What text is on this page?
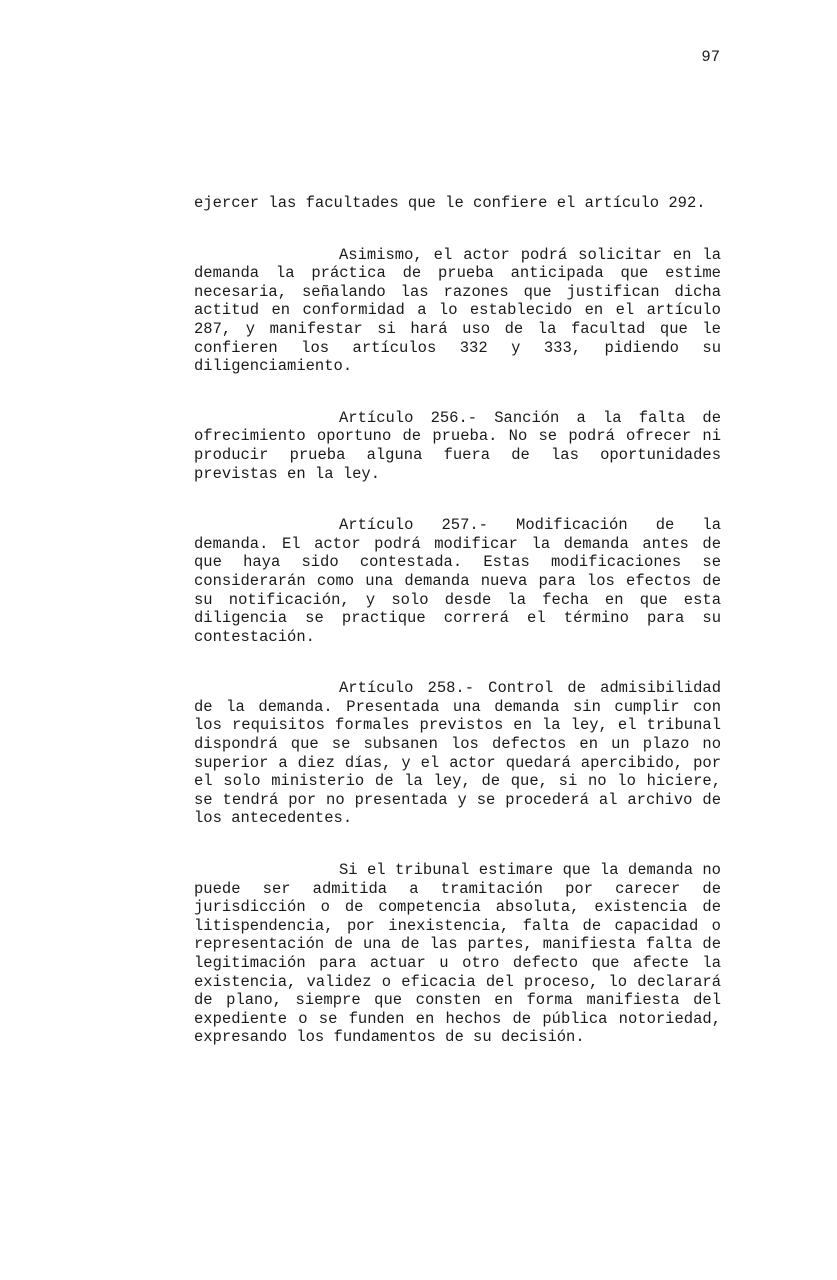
97

ejercer las facultades que le confiere el artículo 292.

Asimismo, el actor podrá solicitar en la demanda la práctica de prueba anticipada que estime necesaria, señalando las razones que justifican dicha actitud en conformidad a lo establecido en el artículo 287, y manifestar si hará uso de la facultad que le confieren los artículos 332 y 333, pidiendo su diligenciamiento.

Artículo 256.- Sanción a la falta de ofrecimiento oportuno de prueba. No se podrá ofrecer ni producir prueba alguna fuera de las oportunidades previstas en la ley.

Artículo 257.- Modificación de la demanda. El actor podrá modificar la demanda antes de que haya sido contestada. Estas modificaciones se considerarán como una demanda nueva para los efectos de su notificación, y solo desde la fecha en que esta diligencia se practique correrá el término para su contestación.

Artículo 258.- Control de admisibilidad de la demanda. Presentada una demanda sin cumplir con los requisitos formales previstos en la ley, el tribunal dispondrá que se subsanen los defectos en un plazo no superior a diez días, y el actor quedará apercibido, por el solo ministerio de la ley, de que, si no lo hiciere, se tendrá por no presentada y se procederá al archivo de los antecedentes.

Si el tribunal estimare que la demanda no puede ser admitida a tramitación por carecer de jurisdicción o de competencia absoluta, existencia de litispendencia, por inexistencia, falta de capacidad o representación de una de las partes, manifiesta falta de legitimación para actuar u otro defecto que afecte la existencia, validez o eficacia del proceso, lo declarará de plano, siempre que consten en forma manifiesta del expediente o se funden en hechos de pública notoriedad, expresando los fundamentos de su decisión.
